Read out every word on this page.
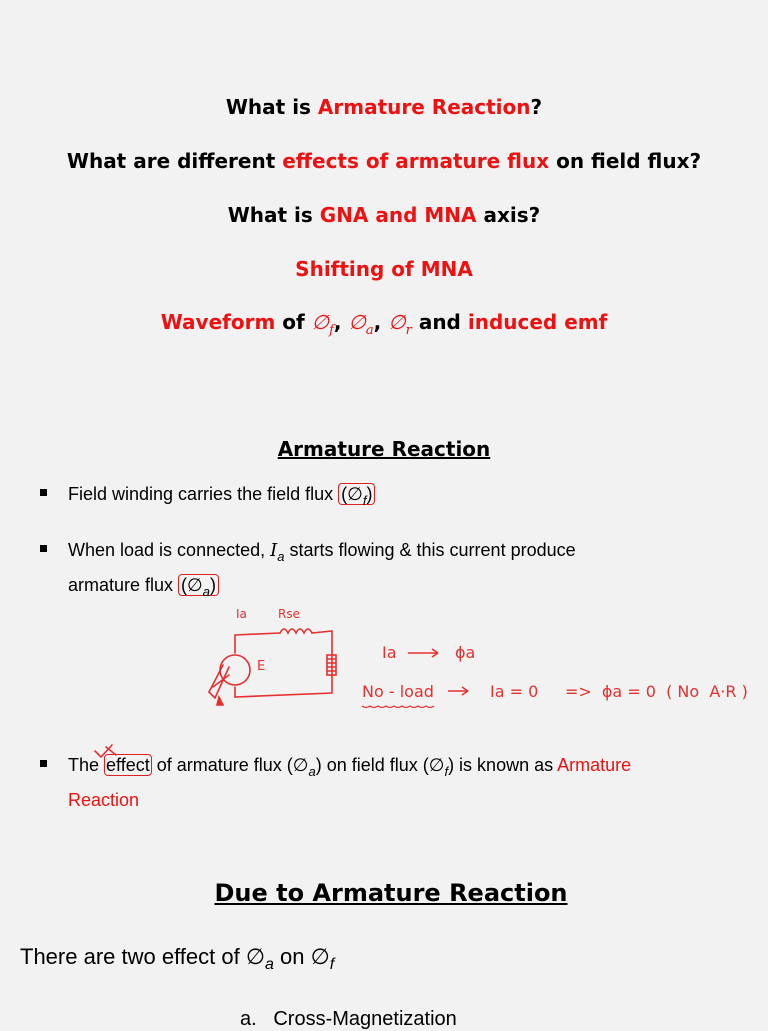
What is Armature Reaction?
What are different effects of armature flux on field flux?
What is GNA and MNA axis?
Shifting of MNA
Waveform of $\emptyset_f$, $\emptyset_a$, $\emptyset_r$ and induced emf
Armature Reaction
Field winding carries the field flux $(\emptyset_f)$
When load is connected, $I_a$ starts flowing & this current produce
armature flux $(\emptyset_a)$
Ia	Rse
E
Ia	ϕa
No - load	Ia = 0 => ϕa = 0  ( No  A·R )
The effect of armature flux $(\emptyset_a)$ on field flux $(\emptyset_f)$ is known as Armature
Reaction
Due to Armature Reaction
There are two effect of $\emptyset_a$ on $\emptyset_f$
a.   Cross-Magnetization
